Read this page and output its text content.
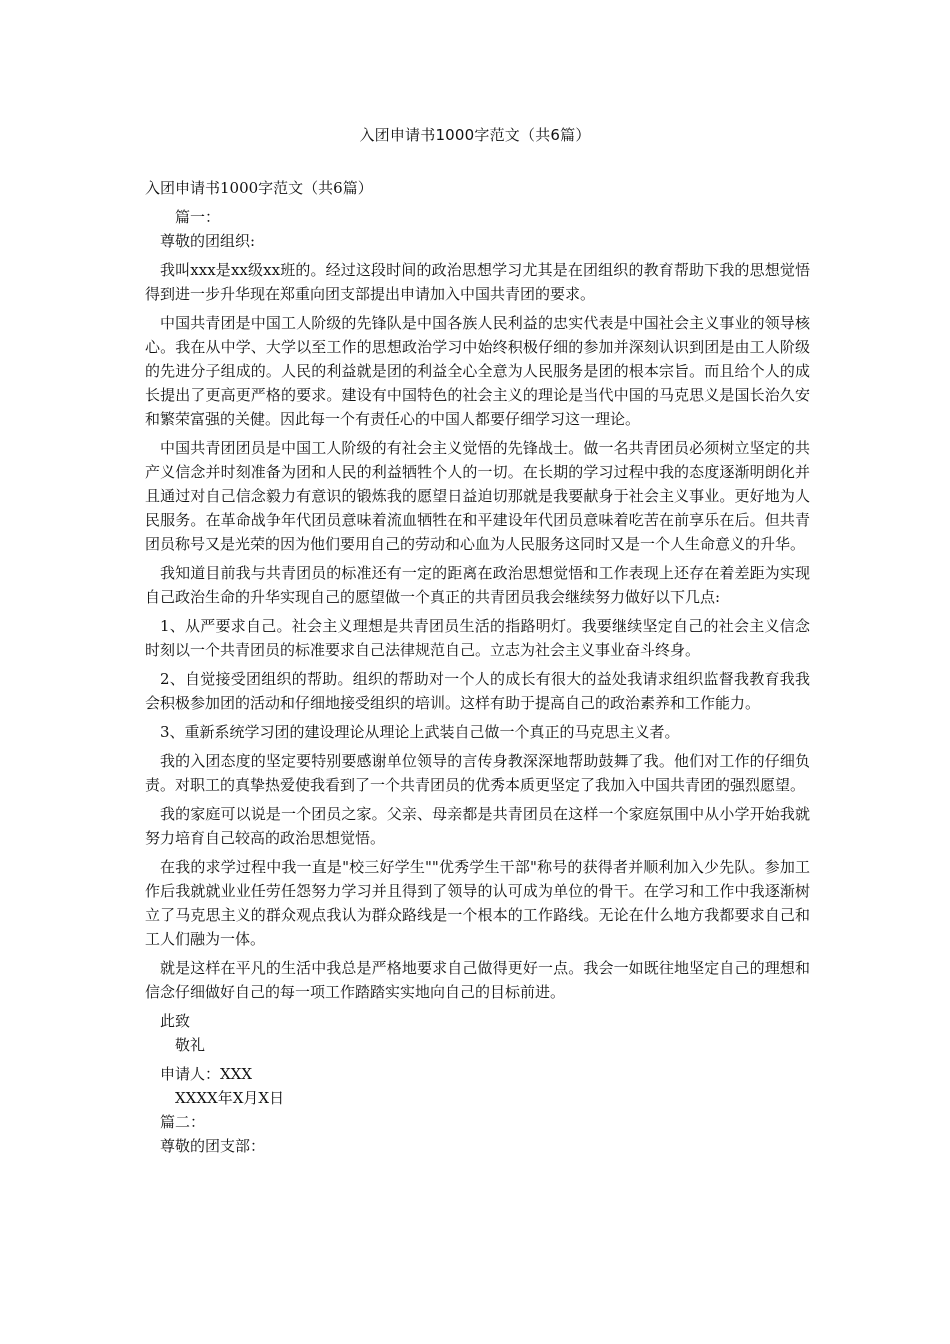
入团申请书1000字范文（共6篇）

入团申请书1000字范文（共6篇）

篇一：

尊敬的团组织:

我叫xxx是xx级xx班的。经过这段时间的政治思想学习尤其是在团组织的教育帮助下我的思想觉悟得到进一步升华现在郑重向团支部提出申请加入中国共青团的要求。

中国共青团是中国工人阶级的先锋队是中国各族人民利益的忠实代表是中国社会主义事业的领导核心。我在从中学、大学以至工作的思想政治学习中始终积极仔细的参加并深刻认识到团是由工人阶级的先进分子组成的。人民的利益就是团的利益全心全意为人民服务是团的根本宗旨。而且给个人的成长提出了更高更严格的要求。建设有中国特色的社会主义的理论是当代中国的马克思义是国长治久安和繁荣富强的关健。因此每一个有责任心的中国人都要仔细学习这一理论。

中国共青团团员是中国工人阶级的有社会主义觉悟的先锋战士。做一名共青团员必须树立坚定的共产义信念并时刻准备为团和人民的利益牺牲个人的一切。在长期的学习过程中我的态度逐渐明朗化并且通过对自己信念毅力有意识的锻炼我的愿望日益迫切那就是我要献身于社会主义事业。更好地为人民服务。在革命战争年代团员意味着流血牺牲在和平建设年代团员意味着吃苦在前享乐在后。但共青团员称号又是光荣的因为他们要用自己的劳动和心血为人民服务这同时又是一个人生命意义的升华。

我知道目前我与共青团员的标准还有一定的距离在政治思想觉悟和工作表现上还存在着差距为实现自己政治生命的升华实现自己的愿望做一个真正的共青团员我会继续努力做好以下几点:

1、从严要求自己。社会主义理想是共青团员生活的指路明灯。我要继续坚定自己的社会主义信念时刻以一个共青团员的标准要求自己法律规范自己。立志为社会主义事业奋斗终身。

2、自觉接受团组织的帮助。组织的帮助对一个人的成长有很大的益处我请求组织监督我教育我我会积极参加团的活动和仔细地接受组织的培训。这样有助于提高自己的政治素养和工作能力。

3、重新系统学习团的建设理论从理论上武装自己做一个真正的马克思主义者。

我的入团态度的坚定要特别要感谢单位领导的言传身教深深地帮助鼓舞了我。他们对工作的仔细负责。对职工的真挚热爱使我看到了一个共青团员的优秀本质更坚定了我加入中国共青团的强烈愿望。

我的家庭可以说是一个团员之家。父亲、母亲都是共青团员在这样一个家庭氛围中从小学开始我就努力培育自己较高的政治思想觉悟。

在我的求学过程中我一直是"校三好学生""优秀学生干部"称号的获得者并顺利加入少先队。参加工作后我就就业业任劳任怨努力学习并且得到了领导的认可成为单位的骨干。在学习和工作中我逐渐树立了马克思主义的群众观点我认为群众路线是一个根本的工作路线。无论在什么地方我都要求自己和工人们融为一体。

就是这样在平凡的生活中我总是严格地要求自己做得更好一点。我会一如既往地坚定自己的理想和信念仔细做好自己的每一项工作踏踏实实地向自己的目标前进。

此致

敬礼

申请人：XXX

XXXX年X月X日

篇二：

尊敬的团支部：
